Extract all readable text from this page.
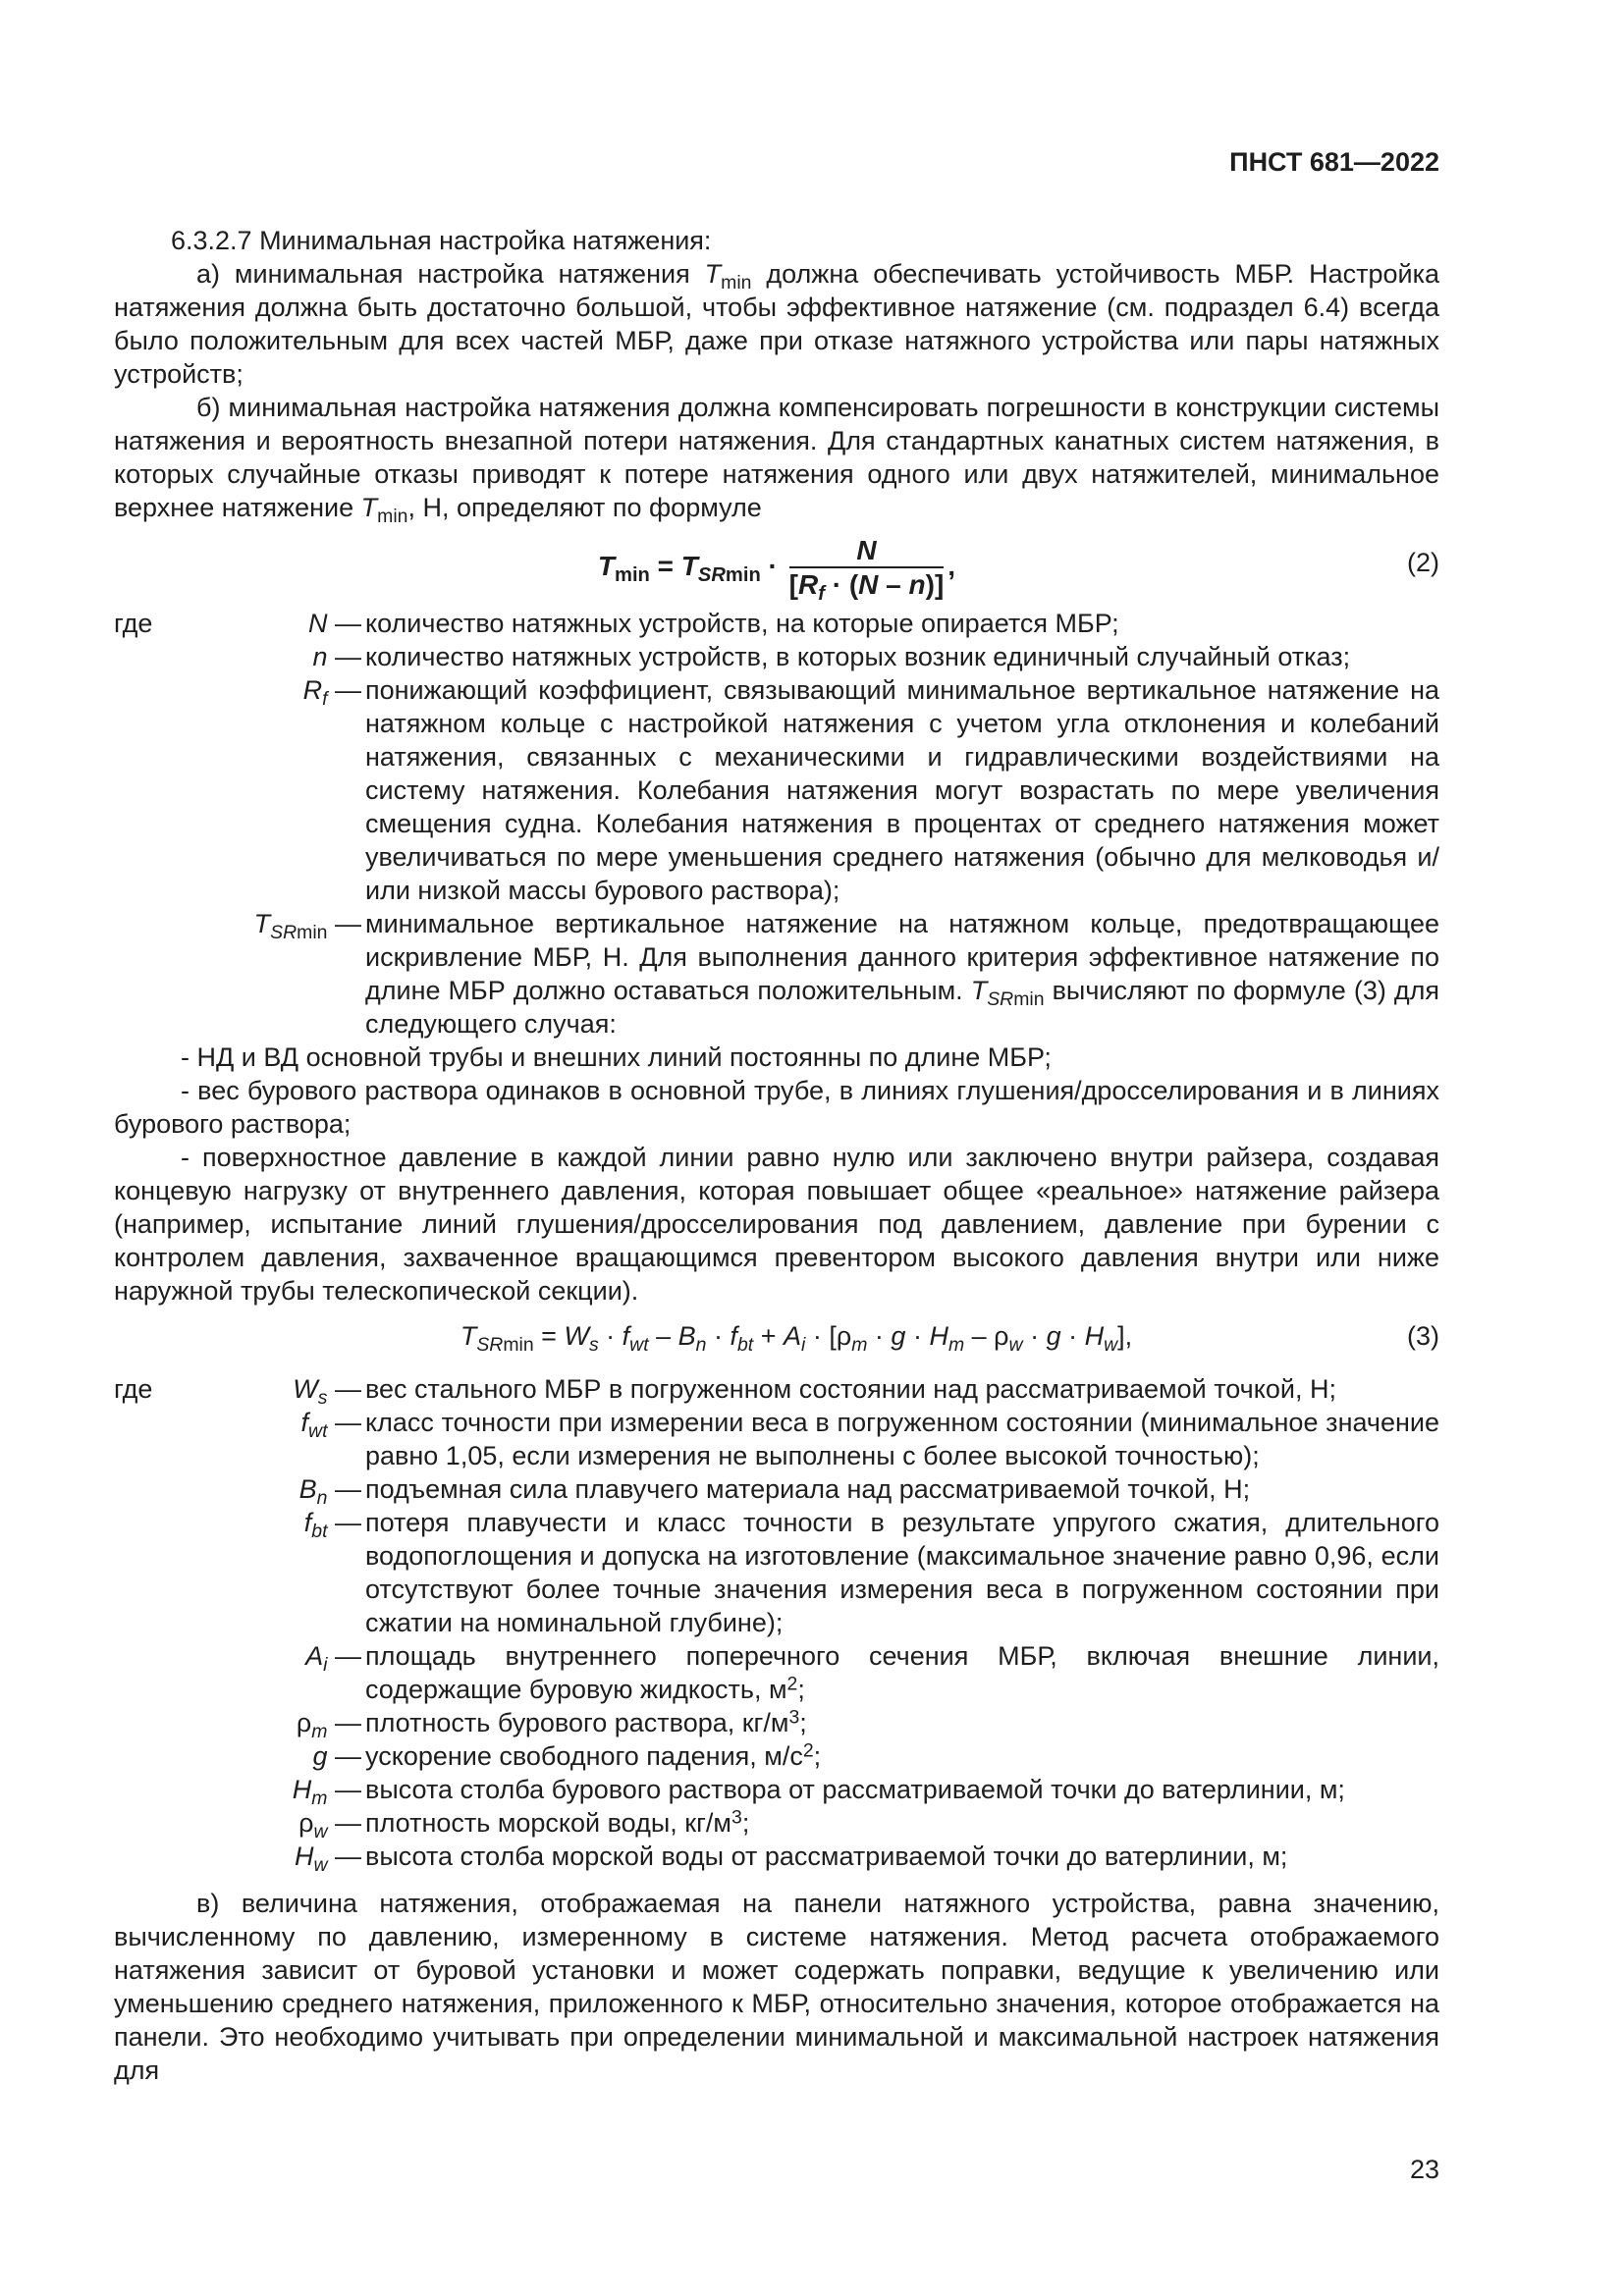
ПНСТ 681—2022

6.3.2.7 Минимальная настройка натяжения:

а) минимальная настройка натяжения $T_{min}$ должна обеспечивать устойчивость МБР. Настройка натяжения должна быть достаточно большой, чтобы эффективное натяжение (см. подраздел 6.4) всегда было положительным для всех частей МБР, даже при отказе натяжного устройства или пары натяжных устройств;

б) минимальная настройка натяжения должна компенсировать погрешности в конструкции системы натяжения и вероятность внезапной потери натяжения. Для стандартных канатных систем натяжения, в которых случайные отказы приводят к потере натяжения одного или двух натяжителей, минимальное верхнее натяжение $T_{min}$, Н, определяют по формуле

$T_{min} = T_{SRmin} \cdot \frac{N}{[R_f \cdot (N - n)]}$ ,	(2)
где	N — количество натяжных устройств, на которые опирается МБР;
n — количество натяжных устройств, в которых возник единичный случайный отказ;
$R_f$ — понижающий коэффициент, связывающий минимальное вертикальное натяжение на натяжном кольце с настройкой натяжения с учетом угла отклонения и колебаний натяжения, связанных с механическими и гидравлическими воздействиями на систему натяжения. Колебания натяжения могут возрастать по мере увеличения смещения судна. Колебания натяжения в процентах от среднего натяжения может увеличиваться по мере уменьшения среднего натяжения (обычно для мелководья и/или низкой массы бурового раствора);
$T_{SRmin}$ — минимальное вертикальное натяжение на натяжном кольце, предотвращающее искривление МБР, Н. Для выполнения данного критерия эффективное натяжение по длине МБР должно оставаться положительным. $T_{SRmin}$ вычисляют по формуле (3) для следующего случая:

- НД и ВД основной трубы и внешних линий постоянны по длине МБР;

- вес бурового раствора одинаков в основной трубе, в линиях глушения/дросселирования и в линиях бурового раствора;

- поверхностное давление в каждой линии равно нулю или заключено внутри райзера, создавая концевую нагрузку от внутреннего давления, которая повышает общее «реальное» натяжение райзера (например, испытание линий глушения/дросселирования под давлением, давление при бурении с контролем давления, захваченное вращающимся превентором высокого давления внутри или ниже наружной трубы телескопической секции).

$T_{SRmin} = W_s \cdot f_{wt} - B_n \cdot f_{bt} + A_i \cdot [\rho_m \cdot g \cdot H_m - \rho_w \cdot g \cdot H_w]$,	(3)
где	$W_s$ — вес стального МБР в погруженном состоянии над рассматриваемой точкой, Н;
$f_{wt}$ — класс точности при измерении веса в погруженном состоянии (минимальное значение равно 1,05, если измерения не выполнены с более высокой точностью);
$B_n$ — подъемная сила плавучего материала над рассматриваемой точкой, Н;
$f_{bt}$ — потеря плавучести и класс точности в результате упругого сжатия, длительного водопоглощения и допуска на изготовление (максимальное значение равно 0,96, если отсутствуют более точные значения измерения веса в погруженном состоянии при сжатии на номинальной глубине);
$A_i$ — площадь внутреннего поперечного сечения МБР, включая внешние линии, содержащие буровую жидкость, $м^2$;
$\rho_m$ — плотность бурового раствора, $кг/м^3$;
g — ускорение свободного падения, $м/с^2$;
$H_m$ — высота столба бурового раствора от рассматриваемой точки до ватерлинии, м;
$\rho_w$ — плотность морской воды, $кг/м^3$;
$H_w$ — высота столба морской воды от рассматриваемой точки до ватерлинии, м;

в) величина натяжения, отображаемая на панели натяжного устройства, равна значению, вычисленному по давлению, измеренному в системе натяжения. Метод расчета отображаемого натяжения зависит от буровой установки и может содержать поправки, ведущие к увеличению или уменьшению среднего натяжения, приложенного к МБР, относительно значения, которое отображается на панели. Это необходимо учитывать при определении минимальной и максимальной настроек натяжения для

23
